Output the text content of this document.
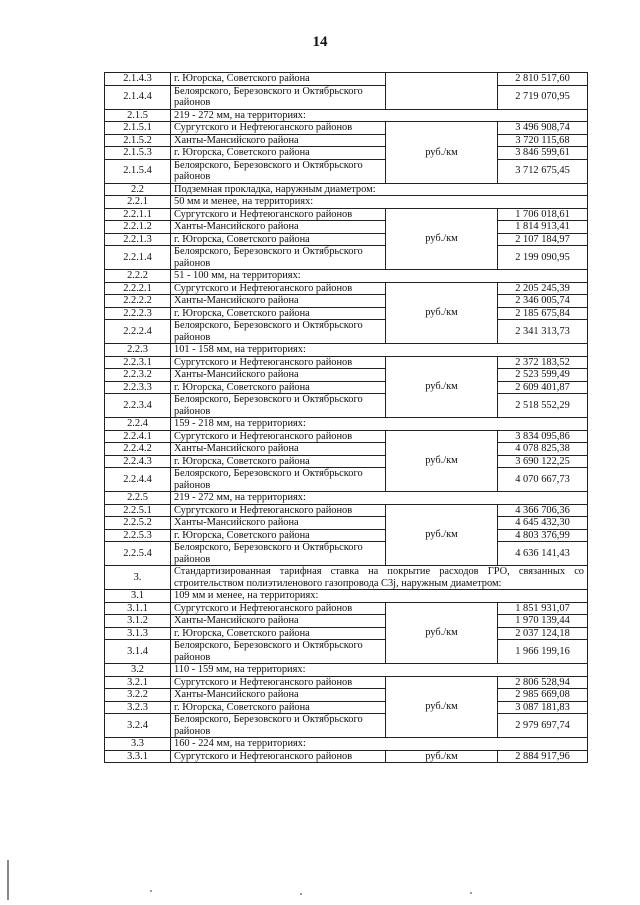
14
2.1.4.3	г. Югорска, Советского района		2 810 517,60
2.1.4.4	Белоярского, Березовского и Октябрьского районов		2 719 070,95
2.1.5	219 - 272 мм, на территориях:		
2.1.5.1	Сургутского и Нефтеюганского районов	руб./км	3 496 908,74
2.1.5.2	Ханты-Мансийского района		3 720 115,68
2.1.5.3	г. Югорска, Советского района		3 846 599,61
2.1.5.4	Белоярского, Березовского и Октябрьского районов		3 712 675,45
2.2	Подземная прокладка, наружным диаметром:		
2.2.1	50 мм и менее, на территориях:		
2.2.1.1	Сургутского и Нефтеюганского районов	руб./км	1 706 018,61
2.2.1.2	Ханты-Мансийского района		1 814 913,41
2.2.1.3	г. Югорска, Советского района		2 107 184,97
2.2.1.4	Белоярского, Березовского и Октябрьского районов		2 199 090,95
2.2.2	51 - 100 мм, на территориях:		
2.2.2.1	Сургутского и Нефтеюганского районов	руб./км	2 205 245,39
2.2.2.2	Ханты-Мансийского района		2 346 005,74
2.2.2.3	г. Югорска, Советского района		2 185 675,84
2.2.2.4	Белоярского, Березовского и Октябрьского районов		2 341 313,73
2.2.3	101 - 158 мм, на территориях:		
2.2.3.1	Сургутского и Нефтеюганского районов	руб./км	2 372 183,52
2.2.3.2	Ханты-Мансийского района		2 523 599,49
2.2.3.3	г. Югорска, Советского района		2 609 401,87
2.2.3.4	Белоярского, Березовского и Октябрьского районов		2 518 552,29
2.2.4	159 - 218 мм, на территориях:		
2.2.4.1	Сургутского и Нефтеюганского районов	руб./км	3 834 095,86
2.2.4.2	Ханты-Мансийского района		4 078 825,38
2.2.4.3	г. Югорска, Советского района		3 690 122,25
2.2.4.4	Белоярского, Березовского и Октябрьского районов		4 070 667,73
2.2.5	219 - 272 мм, на территориях:		
2.2.5.1	Сургутского и Нефтеюганского районов	руб./км	4 366 706,36
2.2.5.2	Ханты-Мансийского района		4 645 432,30
2.2.5.3	г. Югорска, Советского района		4 803 376,99
2.2.5.4	Белоярского, Березовского и Октябрьского районов		4 636 141,43
3.	Стандартизированная тарифная ставка на покрытие расходов ГРО, связанных со строительством полиэтиленового газопровода C3j, наружным диаметром:		
3.1	109 мм и менее, на территориях:		
3.1.1	Сургутского и Нефтеюганского районов	руб./км	1 851 931,07
3.1.2	Ханты-Мансийского района		1 970 139,44
3.1.3	г. Югорска, Советского района		2 037 124,18
3.1.4	Белоярского, Березовского и Октябрьского районов		1 966 199,16
3.2	110 - 159 мм, на территориях:		
3.2.1	Сургутского и Нефтеюганского районов	руб./км	2 806 528,94
3.2.2	Ханты-Мансийского района		2 985 669,08
3.2.3	г. Югорска, Советского района		3 087 181,83
3.2.4	Белоярского, Березовского и Октябрьского районов		2 979 697,74
3.3	160 - 224 мм, на территориях:		
3.3.1	Сургутского и Нефтеюганского районов	руб./км	2 884 917,96
